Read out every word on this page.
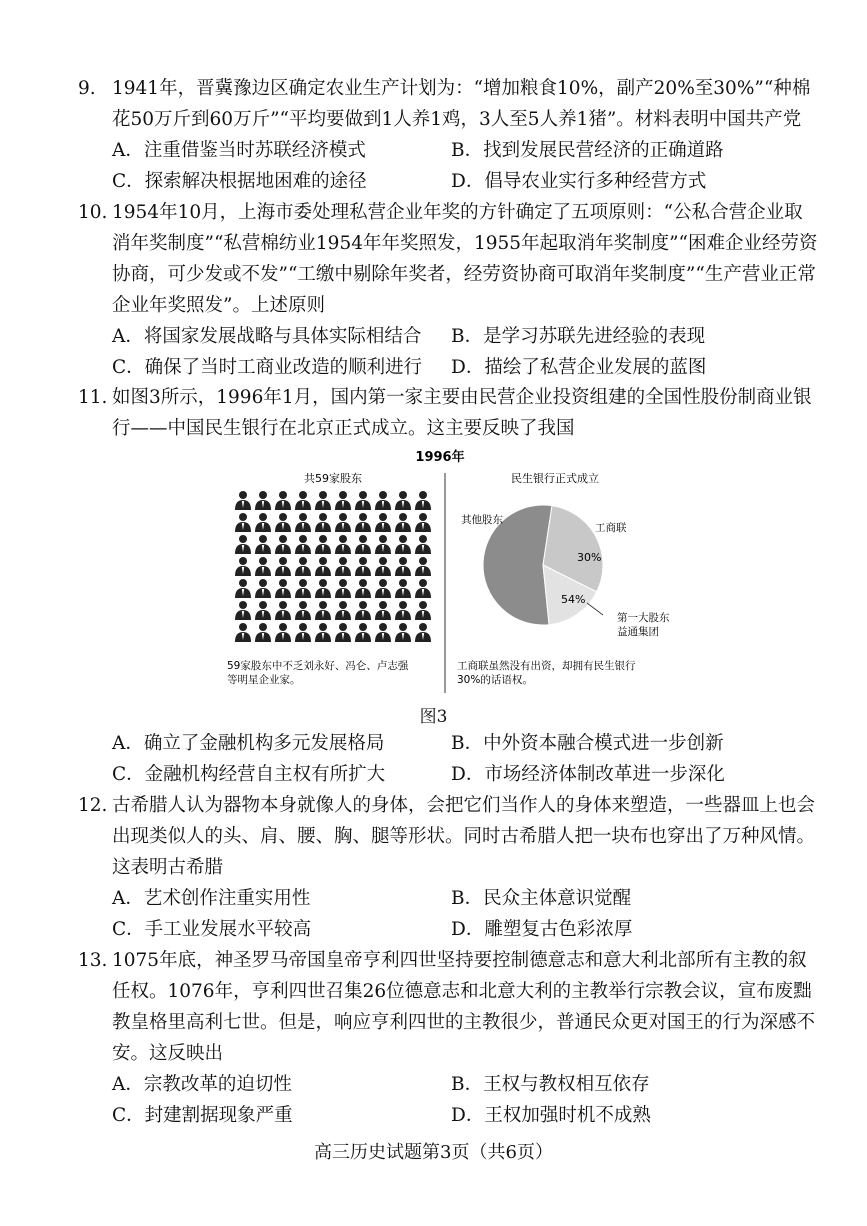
9. 1941年，晋冀豫边区确定农业生产计划为：“增加粮食10%，副产20%至30%”“种棉花50万斤到60万斤”“平均要做到1人养1鸡，3人至5人养1猪”。材料表明中国共产党
A．注重借鉴当时苏联经济模式	B．找到发展民营经济的正确道路
C．探索解决根据地困难的途径	D．倡导农业实行多种经营方式
10. 1954年10月，上海市委处理私营企业年奖的方针确定了五项原则：“公私合营企业取消年奖制度”“私营棉纺业1954年年奖照发，1955年起取消年奖制度”“困难企业经劳资协商，可少发或不发”“工缴中剔除年奖者，经劳资协商可取消年奖制度”“生产营业正常企业年奖照发”。上述原则
A．将国家发展战略与具体实际相结合 B．是学习苏联先进经验的表现
C．确保了当时工商业改造的顺利进行 D．描绘了私营企业发展的蓝图
11. 如图3所示，1996年1月，国内第一家主要由民营企业投资组建的全国性股份制商业银行——中国民生银行在北京正式成立。这主要反映了我国
1996年
共59家股东	民生银行正式成立
59家股东中不乏刘永好、冯仑、卢志强
等明星企业家。
其他股东
工商联
30%
54%
第一大股东
益通集团
工商联虽然没有出资，却拥有民生银行
30%的话语权。
图3
A．确立了金融机构多元发展格局	B．中外资本融合模式进一步创新
C．金融机构经营自主权有所扩大	D．市场经济体制改革进一步深化
12. 古希腊人认为器物本身就像人的身体，会把它们当作人的身体来塑造，一些器皿上也会出现类似人的头、肩、腰、胸、腿等形状。同时古希腊人把一块布也穿出了万种风情。这表明古希腊
A．艺术创作注重实用性	B．民众主体意识觉醒
C．手工业发展水平较高	D．雕塑复古色彩浓厚
13. 1075年底，神圣罗马帝国皇帝亨利四世坚持要控制德意志和意大利北部所有主教的叙任权。1076年，亨利四世召集26位德意志和北意大利的主教举行宗教会议，宣布废黜教皇格里高利七世。但是，响应亨利四世的主教很少，普通民众更对国王的行为深感不安。这反映出
A．宗教改革的迫切性	B．王权与教权相互依存
C．封建割据现象严重	D．王权加强时机不成熟
高三历史试题第3页（共6页）
